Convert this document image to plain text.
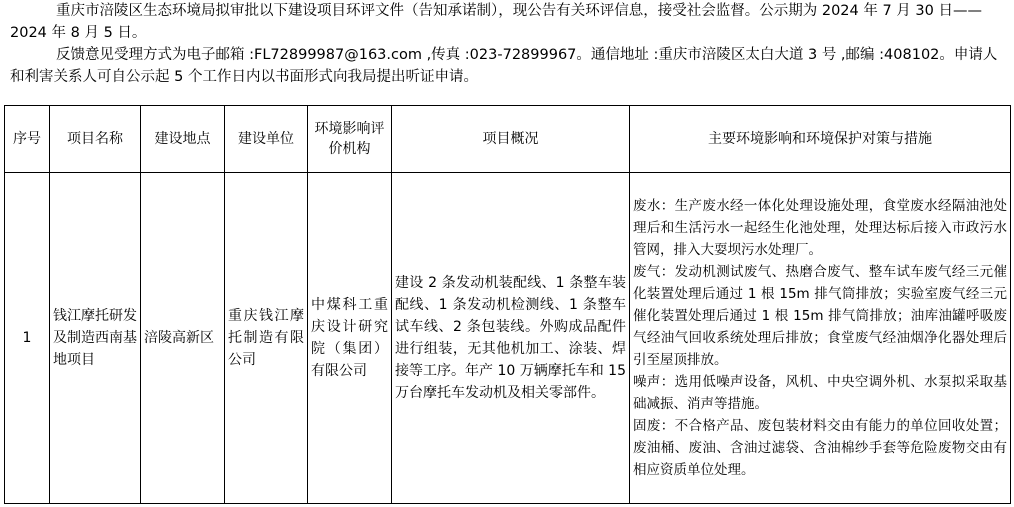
重庆市涪陵区生态环境局拟审批以下建设项目环评文件（告知承诺制），现公告有关环评信息，接受社会监督。公示期为 2024 年 7 月 30 日——2024 年 8 月 5 日。

反馈意见受理方式为电子邮箱 :FL72899987@163.com ,传真 :023-72899967。通信地址 :重庆市涪陵区太白大道 3 号 ,邮编 :408102。申请人和利害关系人可自公示起 5 个工作日内以书面形式向我局提出听证申请。

序号	项目名称	建设地点	建设单位	环境影响评价机构	项目概况	主要环境影响和环境保护对策与措施
1	钱江摩托研发及制造西南基地项目	涪陵高新区	重庆钱江摩托制造有限公司	中煤科工重庆设计研究院（集团）有限公司	建设 2 条发动机装配线、1 条整车装配线、1 条发动机检测线、1 条整车试车线、2 条包装线。外购成品配件进行组装，无其他机加工、涂装、焊接等工序。年产 10 万辆摩托车和 15 万台摩托车发动机及相关零部件。	废水：生产废水经一体化处理设施处理，食堂废水经隔油池处理后和生活污水一起经生化池处理，处理达标后接入市政污水管网，排入大耍坝污水处理厂。
废气：发动机测试废气、热磨合废气、整车试车废气经三元催化装置处理后通过 1 根 15m 排气筒排放；实验室废气经三元催化装置处理后通过 1 根 15m 排气筒排放；油库油罐呼吸废气经油气回收系统处理后排放；食堂废气经油烟净化器处理后引至屋顶排放。
噪声：选用低噪声设备，风机、中央空调外机、水泵拟采取基础减振、消声等措施。
固废：不合格产品、废包装材料交由有能力的单位回收处置；废油桶、废油、含油过滤袋、含油棉纱手套等危险废物交由有相应资质单位处理。
